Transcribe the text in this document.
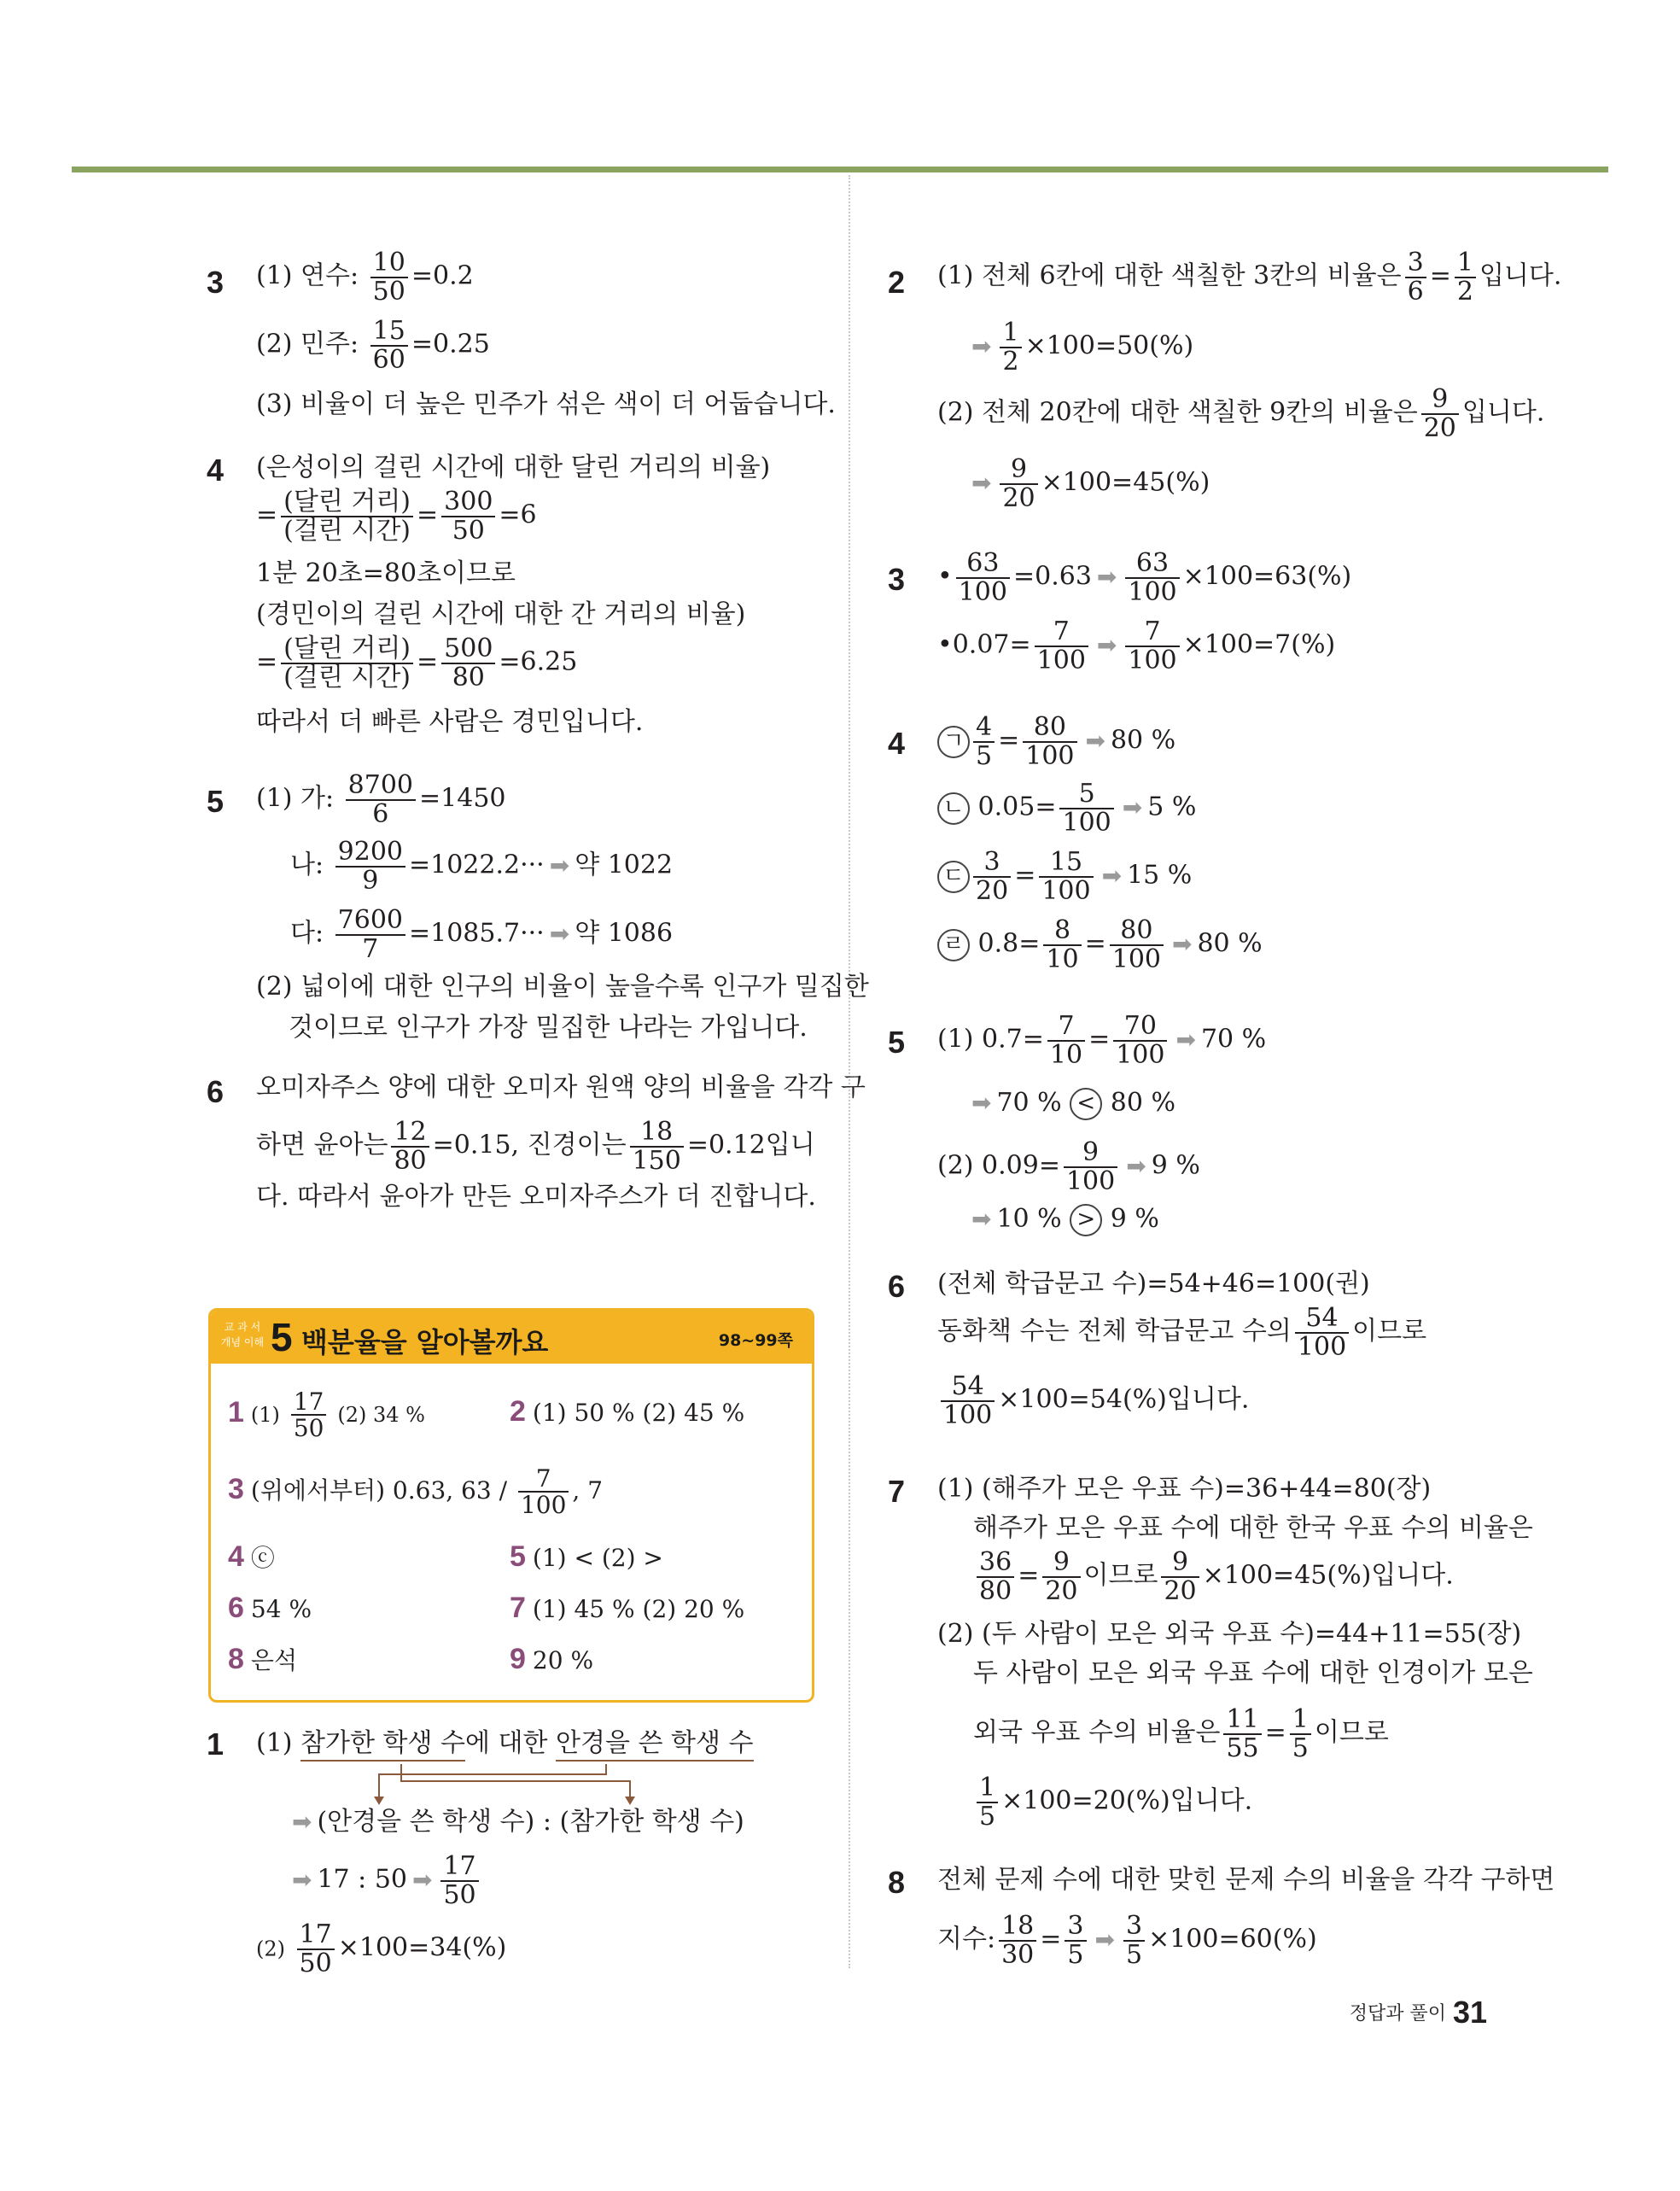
3 (1) 연수: $\frac{10}{50} =0.2$
(2) 민주: $\frac{15}{60} =0.25$
(3) 비율이 더 높은 민주가 섞은 색이 더 어둡습니다.
4 (은성이의 걸린 시간에 대한 달린 거리의 비율)
= $\frac{\text{(달린 거리)}}{\text{(걸린 시간)}} = \frac{300}{50} =6$
1분 20초=80초이므로
(경민이의 걸린 시간에 대한 간 거리의 비율)
= $\frac{\text{(달린 거리)}}{\text{(걸린 시간)}} = \frac{500}{80} =6.25$
따라서 더 빠른 사람은 경민입니다.
5 (1) 가: $\frac{8700}{6} =1450$
나: $\frac{9200}{9} =1022.2\cdot\cdot\cdot$ ➡ 약 1022
다: $\frac{7600}{7} =1085.7\cdot\cdot\cdot$ ➡ 약 1086
(2) 넓이에 대한 인구의 비율이 높을수록 인구가 밀집한
것이므로 인구가 가장 밀집한 나라는 가입니다.
6 오미자주스 양에 대한 오미자 원액 양의 비율을 각각 구
하면 윤아는 $\frac{12}{80} =0.15$, 진경이는 $\frac{18}{150} =0.12$입니
다. 따라서 윤아가 만든 오미자주스가 더 진합니다.
교 과 서
개념 이해 5 백분율을 알아볼까요	98~99쪽
1 $(1) \frac{17}{50} (2)$ 34 %	2 (1) 50 % (2) 45 %
3 (위에서부터) 0.63, $63 / \frac{7}{100}$ , 7
4 ⓒ	5 (1) < (2) >
6 54 %	7 (1) 45 % (2) 20 %
8 은석	9 20 %
1 (1) 참가한 학생 수에 대한 안경을 쓴 학생 수
➡ (안경을 쓴 학생 수) : (참가한 학생 수)
➡ 17 : 50 ➡ $\frac{17}{50}$
$(2) \frac{17}{50} \times 100=34(\%)$
2 (1) 전체 6칸에 대한 색칠한 3칸의 비율은 $\frac{3}{6} = \frac{1}{2}$ 입니다.
➡ $\frac{1}{2} \times 100=50(\%)$
(2) 전체 20칸에 대한 색칠한 9칸의 비율은 $\frac{9}{20}$ 입니다.
➡ $\frac{9}{20} \times 100=45(\%)$
3 • $\frac{63}{100} =0.63$ ➡ $\frac{63}{100} \times 100=63(\%)$
•0.07= $\frac{7}{100}$ ➡ $\frac{7}{100} \times 100=7(\%)$
4 ㄱ $\frac{4}{5} = \frac{80}{100}$ ➡ 80 %
ㄴ $0.05= \frac{5}{100}$ ➡ 5 %
ㄷ $\frac{3}{20} = \frac{15}{100}$ ➡ 15 %
ㄹ $0.8= \frac{8}{10} = \frac{80}{100}$ ➡ 80 %
5 (1) $0.7= \frac{7}{10} = \frac{70}{100}$ ➡ 70 %
➡ 70 % < 80 %
(2) $0.09= \frac{9}{100}$ ➡ 9 %
➡ 10 % > 9 %
6 (전체 학급문고 수)=54+46=100(권)
동화책 수는 전체 학급문고 수의 $\frac{54}{100}$ 이므로
$\frac{54}{100} \times 100=54(\%)$입니다.
7 (1) (해주가 모은 우표 수)=36+44=80(장)
해주가 모은 우표 수에 대한 한국 우표 수의 비율은
$\frac{36}{80} = \frac{9}{20}$ 이므로 $\frac{9}{20} \times 100=45(\%)$입니다.
(2) (두 사람이 모은 외국 우표 수)=44+11=55(장)
두 사람이 모은 외국 우표 수에 대한 인경이가 모은
외국 우표 수의 비율은 $\frac{11}{55} = \frac{1}{5}$ 이므로
$\frac{1}{5} \times 100=20(\%)$입니다.
8 전체 문제 수에 대한 맞힌 문제 수의 비율을 각각 구하면
지수: $\frac{18}{30} = \frac{3}{5}$ ➡ $\frac{3}{5} \times 100=60(\%)$
정답과 풀이 31
